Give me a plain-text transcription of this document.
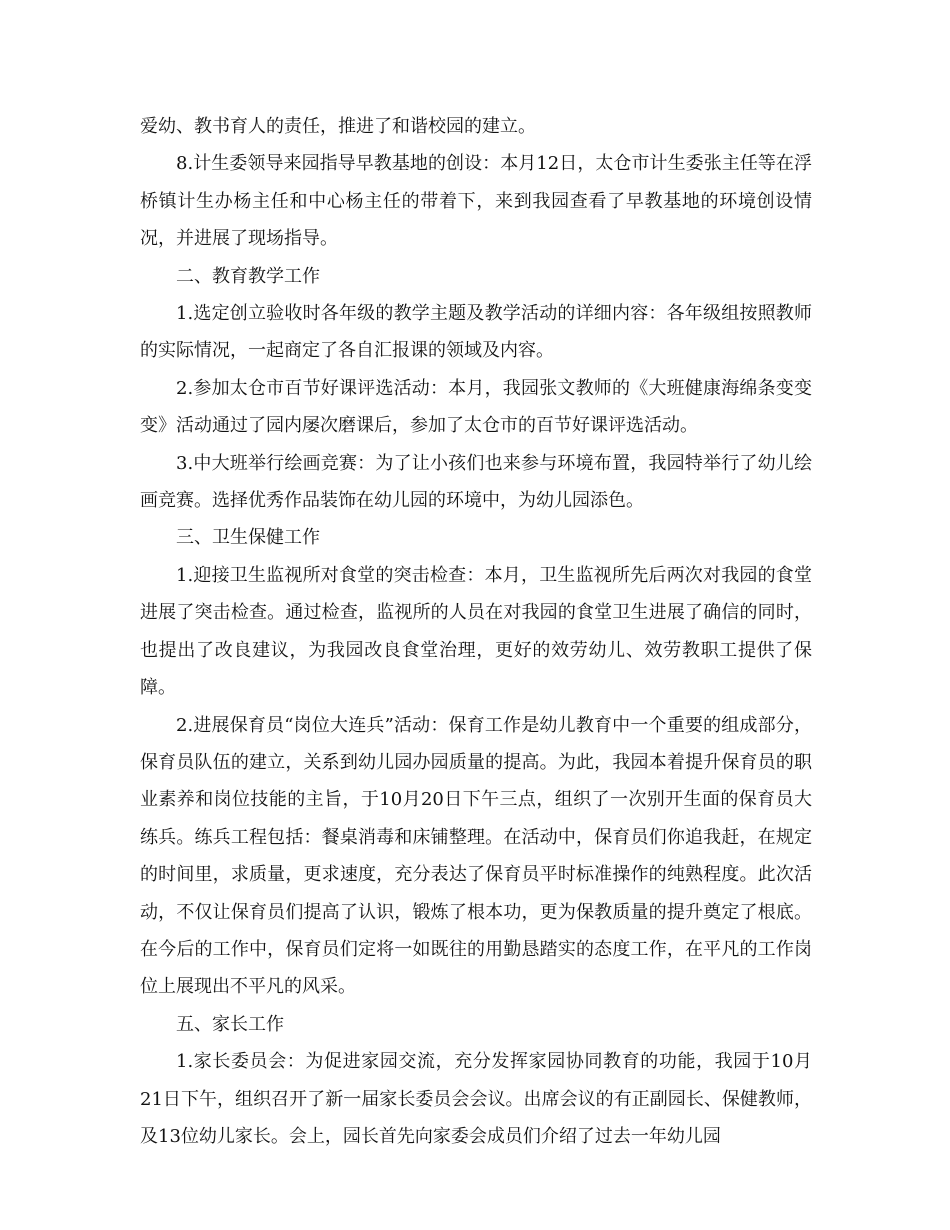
爱幼、教书育人的责任，推进了和谐校园的建立。

8.计生委领导来园指导早教基地的创设：本月12日，太仓市计生委张主任等在浮桥镇计生办杨主任和中心杨主任的带着下，来到我园查看了早教基地的环境创设情况，并进展了现场指导。

二、教育教学工作

1.选定创立验收时各年级的教学主题及教学活动的详细内容：各年级组按照教师的实际情况，一起商定了各自汇报课的领域及内容。

2.参加太仓市百节好课评选活动：本月，我园张文教师的《大班健康海绵条变变变》活动通过了园内屡次磨课后，参加了太仓市的百节好课评选活动。

3.中大班举行绘画竞赛：为了让小孩们也来参与环境布置，我园特举行了幼儿绘画竞赛。选择优秀作品装饰在幼儿园的环境中，为幼儿园添色。

三、卫生保健工作

1.迎接卫生监视所对食堂的突击检查：本月，卫生监视所先后两次对我园的食堂进展了突击检查。通过检查，监视所的人员在对我园的食堂卫生进展了确信的同时，也提出了改良建议，为我园改良食堂治理，更好的效劳幼儿、效劳教职工提供了保障。

2.进展保育员“岗位大连兵”活动：保育工作是幼儿教育中一个重要的组成部分，保育员队伍的建立，关系到幼儿园办园质量的提高。为此，我园本着提升保育员的职业素养和岗位技能的主旨，于10月20日下午三点，组织了一次别开生面的保育员大练兵。练兵工程包括：餐桌消毒和床铺整理。在活动中，保育员们你追我赶，在规定的时间里，求质量，更求速度，充分表达了保育员平时标准操作的纯熟程度。此次活动，不仅让保育员们提高了认识，锻炼了根本功，更为保教质量的提升奠定了根底。在今后的工作中，保育员们定将一如既往的用勤恳踏实的态度工作，在平凡的工作岗位上展现出不平凡的风采。

五、家长工作

1.家长委员会：为促进家园交流，充分发挥家园协同教育的功能，我园于10月21日下午，组织召开了新一届家长委员会会议。出席会议的有正副园长、保健教师，及13位幼儿家长。会上，园长首先向家委会成员们介绍了过去一年幼儿园
